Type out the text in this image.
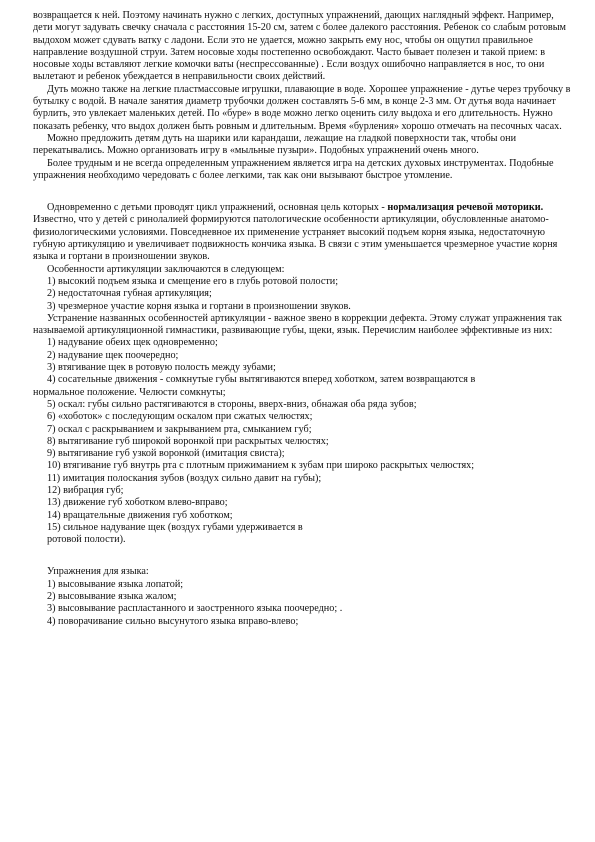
возвращается к ней. Поэтому начинать нужно с легких, доступных упражнений, дающих наглядный эффект. Например, дети могут задувать свечку сначала с расстояния 15-20 см, затем с более далекого расстояния. Ребенок со слабым ротовым выдохом может сдувать ватку с ладони. Если это не удается, можно закрыть ему нос, чтобы он ощутил правильное направление воздушной струи. Затем носовые ходы постепенно освобождают. Часто бывает полезен и такой прием: в носовые ходы вставляют легкие комочки ваты (неспрессованные) . Если воздух ошибочно направляется в нос, то они вылетают и ребенок убеждается в неправильности своих действий.

Дуть можно также на легкие пластмассовые игрушки, плавающие в воде. Хорошее упражнение - дутье через трубочку в бутылку с водой. В начале занятия диаметр трубочки должен составлять 5-6 мм, в конце 2-3 мм. От дутья вода начинает бурлить, это увлекает маленьких детей. По «буре» в воде можно легко оценить силу выдоха и его длительность. Нужно показать ребенку, что выдох должен быть ровным и длительным. Время «бурления» хорошо отмечать на песочных часах.

Можно предложить детям дуть на шарики или карандаши, лежащие на гладкой поверхности так, чтобы они перекатывались. Можно организовать игру в «мыльные пузыри». Подобных упражнений очень много.

Более трудным и не всегда определенным упражнением является игра на детских духовых инструментах. Подобные упражнения необходимо чередовать с более легкими, так как они вызывают быстрое утомление.

Одновременно с детьми проводят цикл упражнений, основная цель которых - нормализация речевой моторики. Известно, что у детей с ринолалией формируются патологические особенности артикуляции, обусловленные анатомо-физиологическими условиями. Повседневное их применение устраняет высокий подъем корня языка, недостаточную губную артикуляцию и увеличивает подвижность кончика языка. В связи с этим уменьшается чрезмерное участие корня языка и гортани в произношении звуков.

Особенности артикуляции заключаются в следующем:

1) высокий подъем языка и смещение его в глубь ротовой полости;

2) недостаточная губная артикуляция;

3) чрезмерное участие корня языка и гортани в произношении звуков.

Устранение названных особенностей артикуляции - важное звено в коррекции дефекта. Этому служат упражнения так называемой артикуляционной гимнастики, развивающие губы, щеки, язык. Перечислим наиболее эффективные из них:

1) надувание обеих щек одновременно;

2) надувание щек поочередно;

3) втягивание щек в ротовую полость между зубами;

4) сосательные движения - сомкнутые губы вытягиваются вперед хоботком, затем возвращаются в

нормальное положение. Челюсти сомкнуты;

5) оскал: губы сильно растягиваются в стороны, вверх-вниз, обнажая оба ряда зубов;

6) «хоботок» с последующим оскалом при сжатых челюстях;

7) оскал с раскрыванием и закрыванием рта, смыканием губ;

8) вытягивание губ широкой воронкой при раскрытых челюстях;

9) вытягивание губ узкой воронкой (имитация свиста);

10) втягивание губ внутрь рта с плотным прижиманием к зубам при широко раскрытых челюстях;

11) имитация полоскания зубов (воздух сильно давит на губы);

12) вибрация губ;

13) движение губ хоботком влево-вправо;

14) вращательные движения губ хоботком;

15) сильное надувание щек (воздух губами удерживается в

ротовой полости).

Упражнения для языка:

1) высовывание языка лопатой;

2) высовывание языка жалом;

3) высовывание распластанного и заостренного языка поочередно; .

4) поворачивание сильно высунутого языка вправо-влево;
